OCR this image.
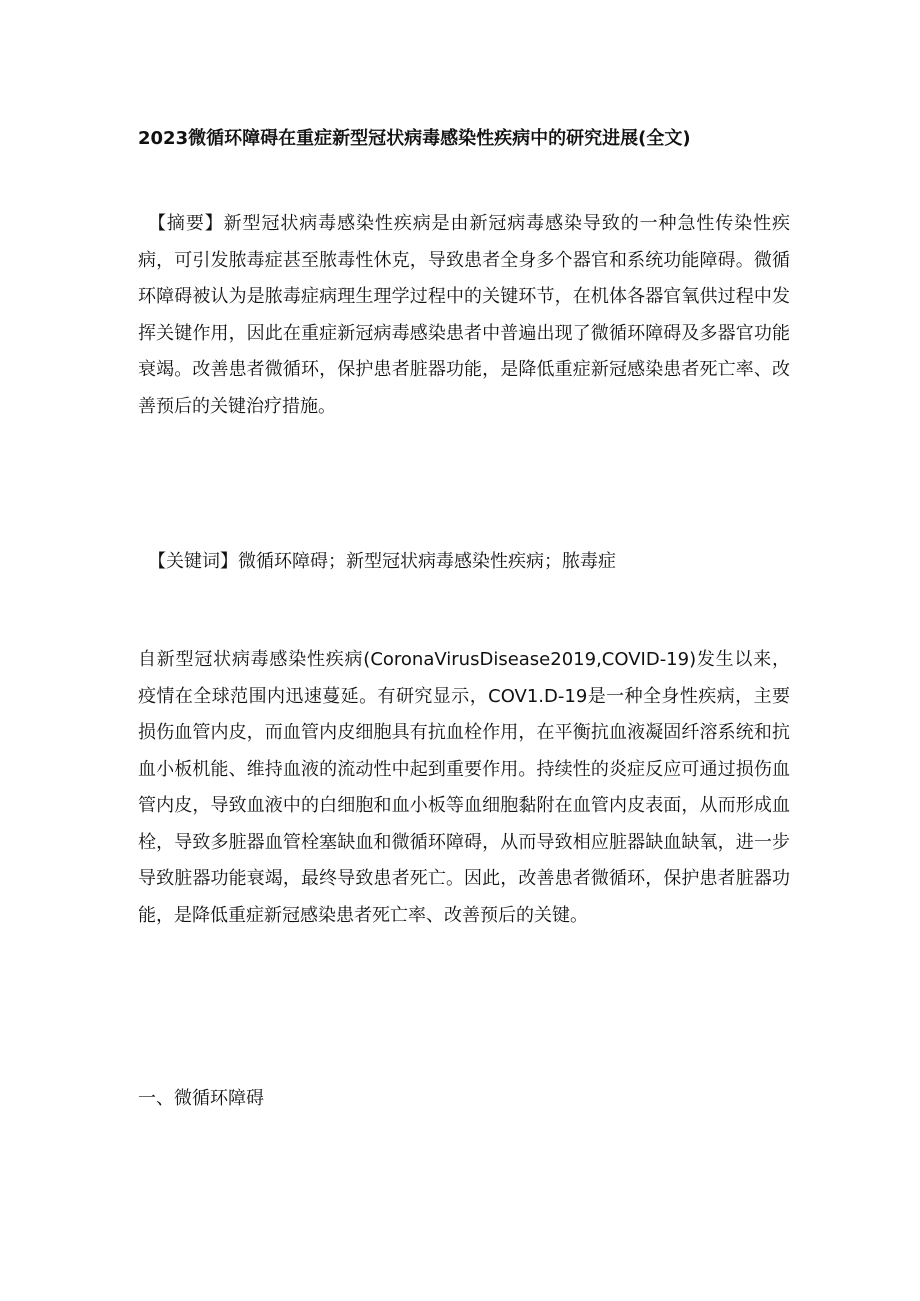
2023微循环障碍在重症新型冠状病毒感染性疾病中的研究进展(全文)

【摘要】新型冠状病毒感染性疾病是由新冠病毒感染导致的一种急性传染性疾病，可引发脓毒症甚至脓毒性休克，导致患者全身多个器官和系统功能障碍。微循环障碍被认为是脓毒症病理生理学过程中的关键环节，在机体各器官氧供过程中发挥关键作用，因此在重症新冠病毒感染患者中普遍出现了微循环障碍及多器官功能衰竭。改善患者微循环，保护患者脏器功能，是降低重症新冠感染患者死亡率、改善预后的关键治疗措施。

【关键词】微循环障碍；新型冠状病毒感染性疾病；脓毒症

自新型冠状病毒感染性疾病(CoronaVirusDisease2019,COVID-19)发生以来，疫情在全球范围内迅速蔓延。有研究显示，COV1.D-19是一种全身性疾病，主要损伤血管内皮，而血管内皮细胞具有抗血栓作用，在平衡抗血液凝固纤溶系统和抗血小板机能、维持血液的流动性中起到重要作用。持续性的炎症反应可通过损伤血管内皮，导致血液中的白细胞和血小板等血细胞黏附在血管内皮表面，从而形成血栓，导致多脏器血管栓塞缺血和微循环障碍，从而导致相应脏器缺血缺氧，进一步导致脏器功能衰竭，最终导致患者死亡。因此，改善患者微循环，保护患者脏器功能，是降低重症新冠感染患者死亡率、改善预后的关键。

一、微循环障碍
